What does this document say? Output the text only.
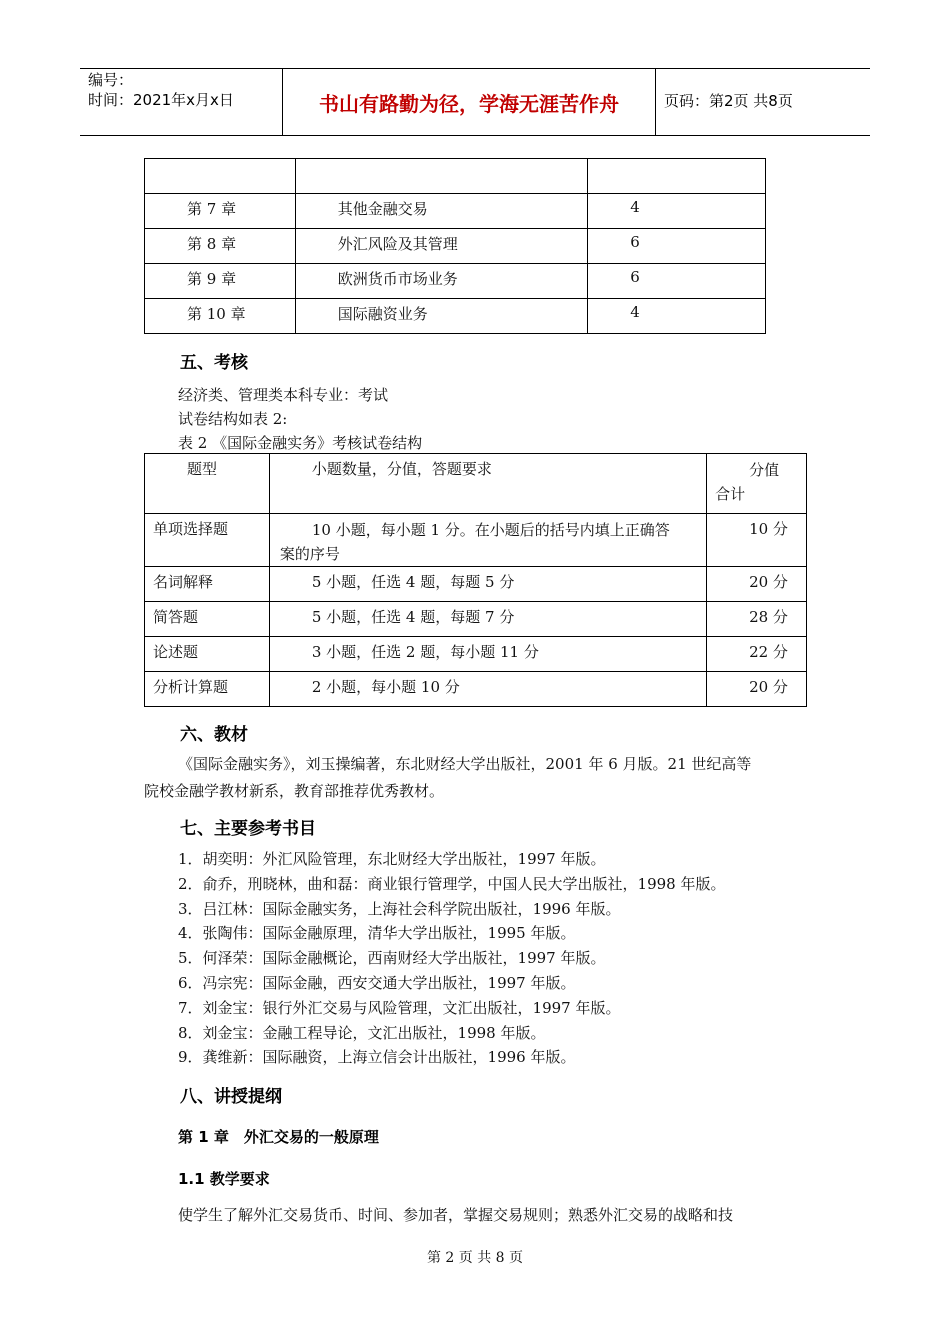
编号：
时间：2021年x月x日	书山有路勤为径，学海无涯苦作舟	页码：第2页 共8页

第 7 章	其他金融交易	4
第 8 章	外汇风险及其管理	6
第 9 章	欧洲货币市场业务	6
第 10 章	国际融资业务	4
五、考核
经济类、管理类本科专业：考试
试卷结构如表 2:
表 2 《国际金融实务》考核试卷结构
题型	小题数量，分值，答题要求	分值
合计

单项选择题	10 小题，每小题 1 分。在小题后的括号内填上正确答
案的序号	10 分
名词解释	5 小题，任选 4 题，每题 5 分	20 分
简答题	5 小题，任选 4 题，每题 7 分	28 分
论述题	3 小题，任选 2 题，每小题 11 分	22 分
分析计算题	2 小题，每小题 10 分	20 分
六、教材
《国际金融实务》，刘玉操编著，东北财经大学出版社，2001 年 6 月版。21 世纪高等
院校金融学教材新系，教育部推荐优秀教材。
七、主要参考书目
1．胡奕明：外汇风险管理，东北财经大学出版社，1997 年版。
2．俞乔，刑晓林，曲和磊：商业银行管理学，中国人民大学出版社，1998 年版。
3．吕江林：国际金融实务，上海社会科学院出版社，1996 年版。
4．张陶伟：国际金融原理，清华大学出版社，1995 年版。
5．何泽荣：国际金融概论，西南财经大学出版社，1997 年版。
6．冯宗宪：国际金融，西安交通大学出版社，1997 年版。
7．刘金宝：银行外汇交易与风险管理，文汇出版社，1997 年版。
8．刘金宝：金融工程导论，文汇出版社，1998 年版。
9．龚维新：国际融资，上海立信会计出版社，1996 年版。
八、讲授提纲
第 1 章　外汇交易的一般原理
1.1 教学要求
使学生了解外汇交易货币、时间、参加者，掌握交易规则；熟悉外汇交易的战略和技
第 2 页 共 8 页
